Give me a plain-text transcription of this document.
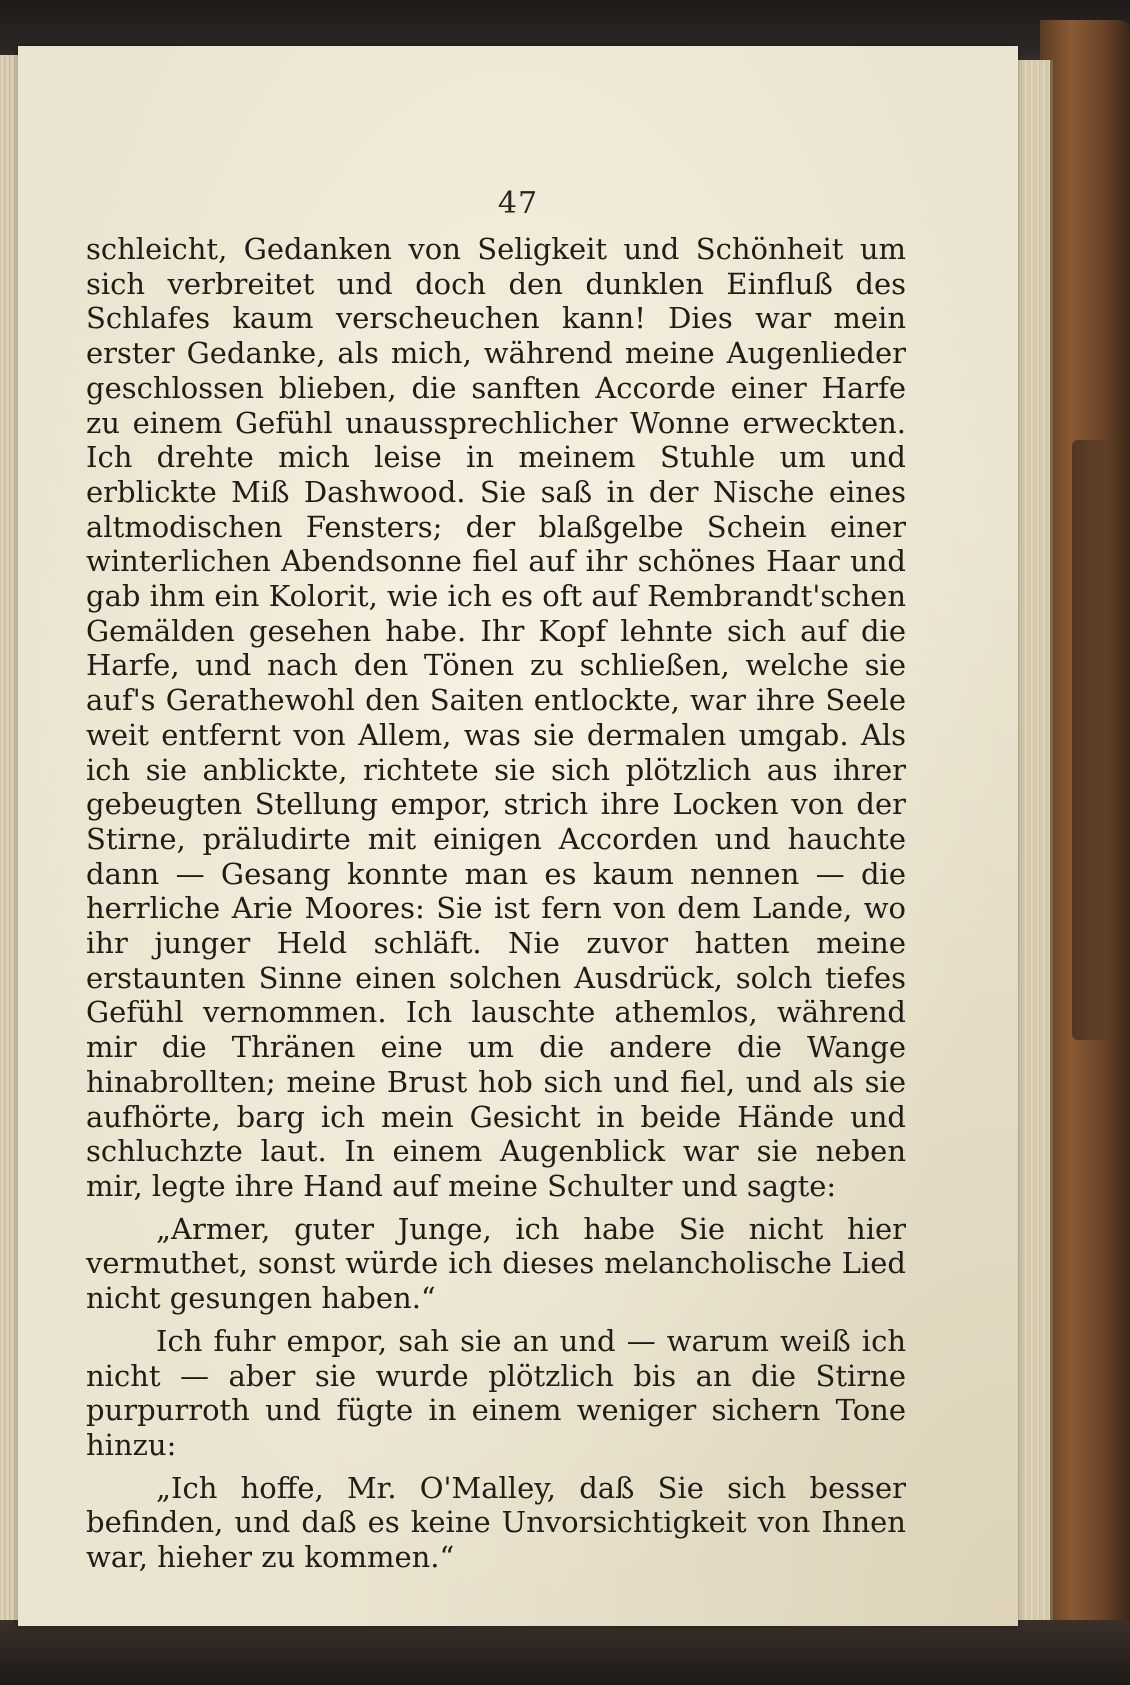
47

schleicht, Gedanken von Seligkeit und Schönheit um sich verbreitet und doch den dunklen Einfluß des Schlafes kaum verscheuchen kann! Dies war mein erster Gedanke, als mich, während meine Augenlieder geschlossen blieben, die sanften Accorde einer Harfe zu einem Gefühl unaussprechlicher Wonne erweckten. Ich drehte mich leise in meinem Stuhle um und erblickte Miß Dashwood. Sie saß in der Nische eines altmodischen Fensters; der blaßgelbe Schein einer winterlichen Abendsonne fiel auf ihr schönes Haar und gab ihm ein Kolorit, wie ich es oft auf Rembrandt'schen Gemälden gesehen habe. Ihr Kopf lehnte sich auf die Harfe, und nach den Tönen zu schließen, welche sie auf's Gerathewohl den Saiten entlockte, war ihre Seele weit entfernt von Allem, was sie dermalen umgab. Als ich sie anblickte, richtete sie sich plötzlich aus ihrer gebeugten Stellung empor, strich ihre Locken von der Stirne, präludirte mit einigen Accorden und hauchte dann — Gesang konnte man es kaum nennen — die herrliche Arie Moores: Sie ist fern von dem Lande, wo ihr junger Held schläft. Nie zuvor hatten meine erstaunten Sinne einen solchen Ausdrück, solch tiefes Gefühl vernommen. Ich lauschte athemlos, während mir die Thränen eine um die andere die Wange hinabrollten; meine Brust hob sich und fiel, und als sie aufhörte, barg ich mein Gesicht in beide Hände und schluchzte laut. In einem Augenblick war sie neben mir, legte ihre Hand auf meine Schulter und sagte:

„Armer, guter Junge, ich habe Sie nicht hier vermuthet, sonst würde ich dieses melancholische Lied nicht gesungen haben.“

Ich fuhr empor, sah sie an und — warum weiß ich nicht — aber sie wurde plötzlich bis an die Stirne purpurroth und fügte in einem weniger sichern Tone hinzu:

„Ich hoffe, Mr. O'Malley, daß Sie sich besser befinden, und daß es keine Unvorsichtigkeit von Ihnen war, hieher zu kommen.“
